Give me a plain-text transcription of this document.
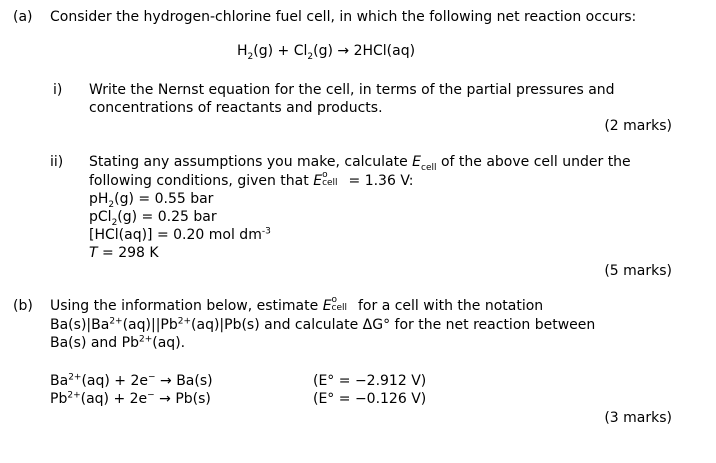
(a) Consider the hydrogen-chlorine fuel cell, in which the following net reaction occurs:
$H_2(g) + Cl_2(g) \to 2HCl(aq)$
i) Write the Nernst equation for the cell, in terms of the partial pressures and
concentrations of reactants and products.
(2 marks)
ii) Stating any assumptions you make, calculate $E_{cell}$ of the above cell under the
following conditions, given that E o
cell = 1.36 V:
$pH_2(g) = 0.55$ bar
pCl$_2$(g) = 0.25 bar
[HCl(aq)] = 0.20 mol $dm^{-3}$
T = 298 K
(5 marks)
(b) Using the information below, estimate E o
cell for a cell with the notation
$Ba(s)|Ba^{2+}(aq)||Pb^{2+}(aq)|Pb(s)$ and calculate ΔG° for the net reaction between
Ba(s) and $Pb^{2+}(aq)$.
$Ba^{2+}(aq) + 2e^- \to Ba(s)$	(E° = −2.912 V)
$Pb^{2+}(aq) + 2e^- \to Pb(s)$	(E° = −0.126 V)
(3 marks)
